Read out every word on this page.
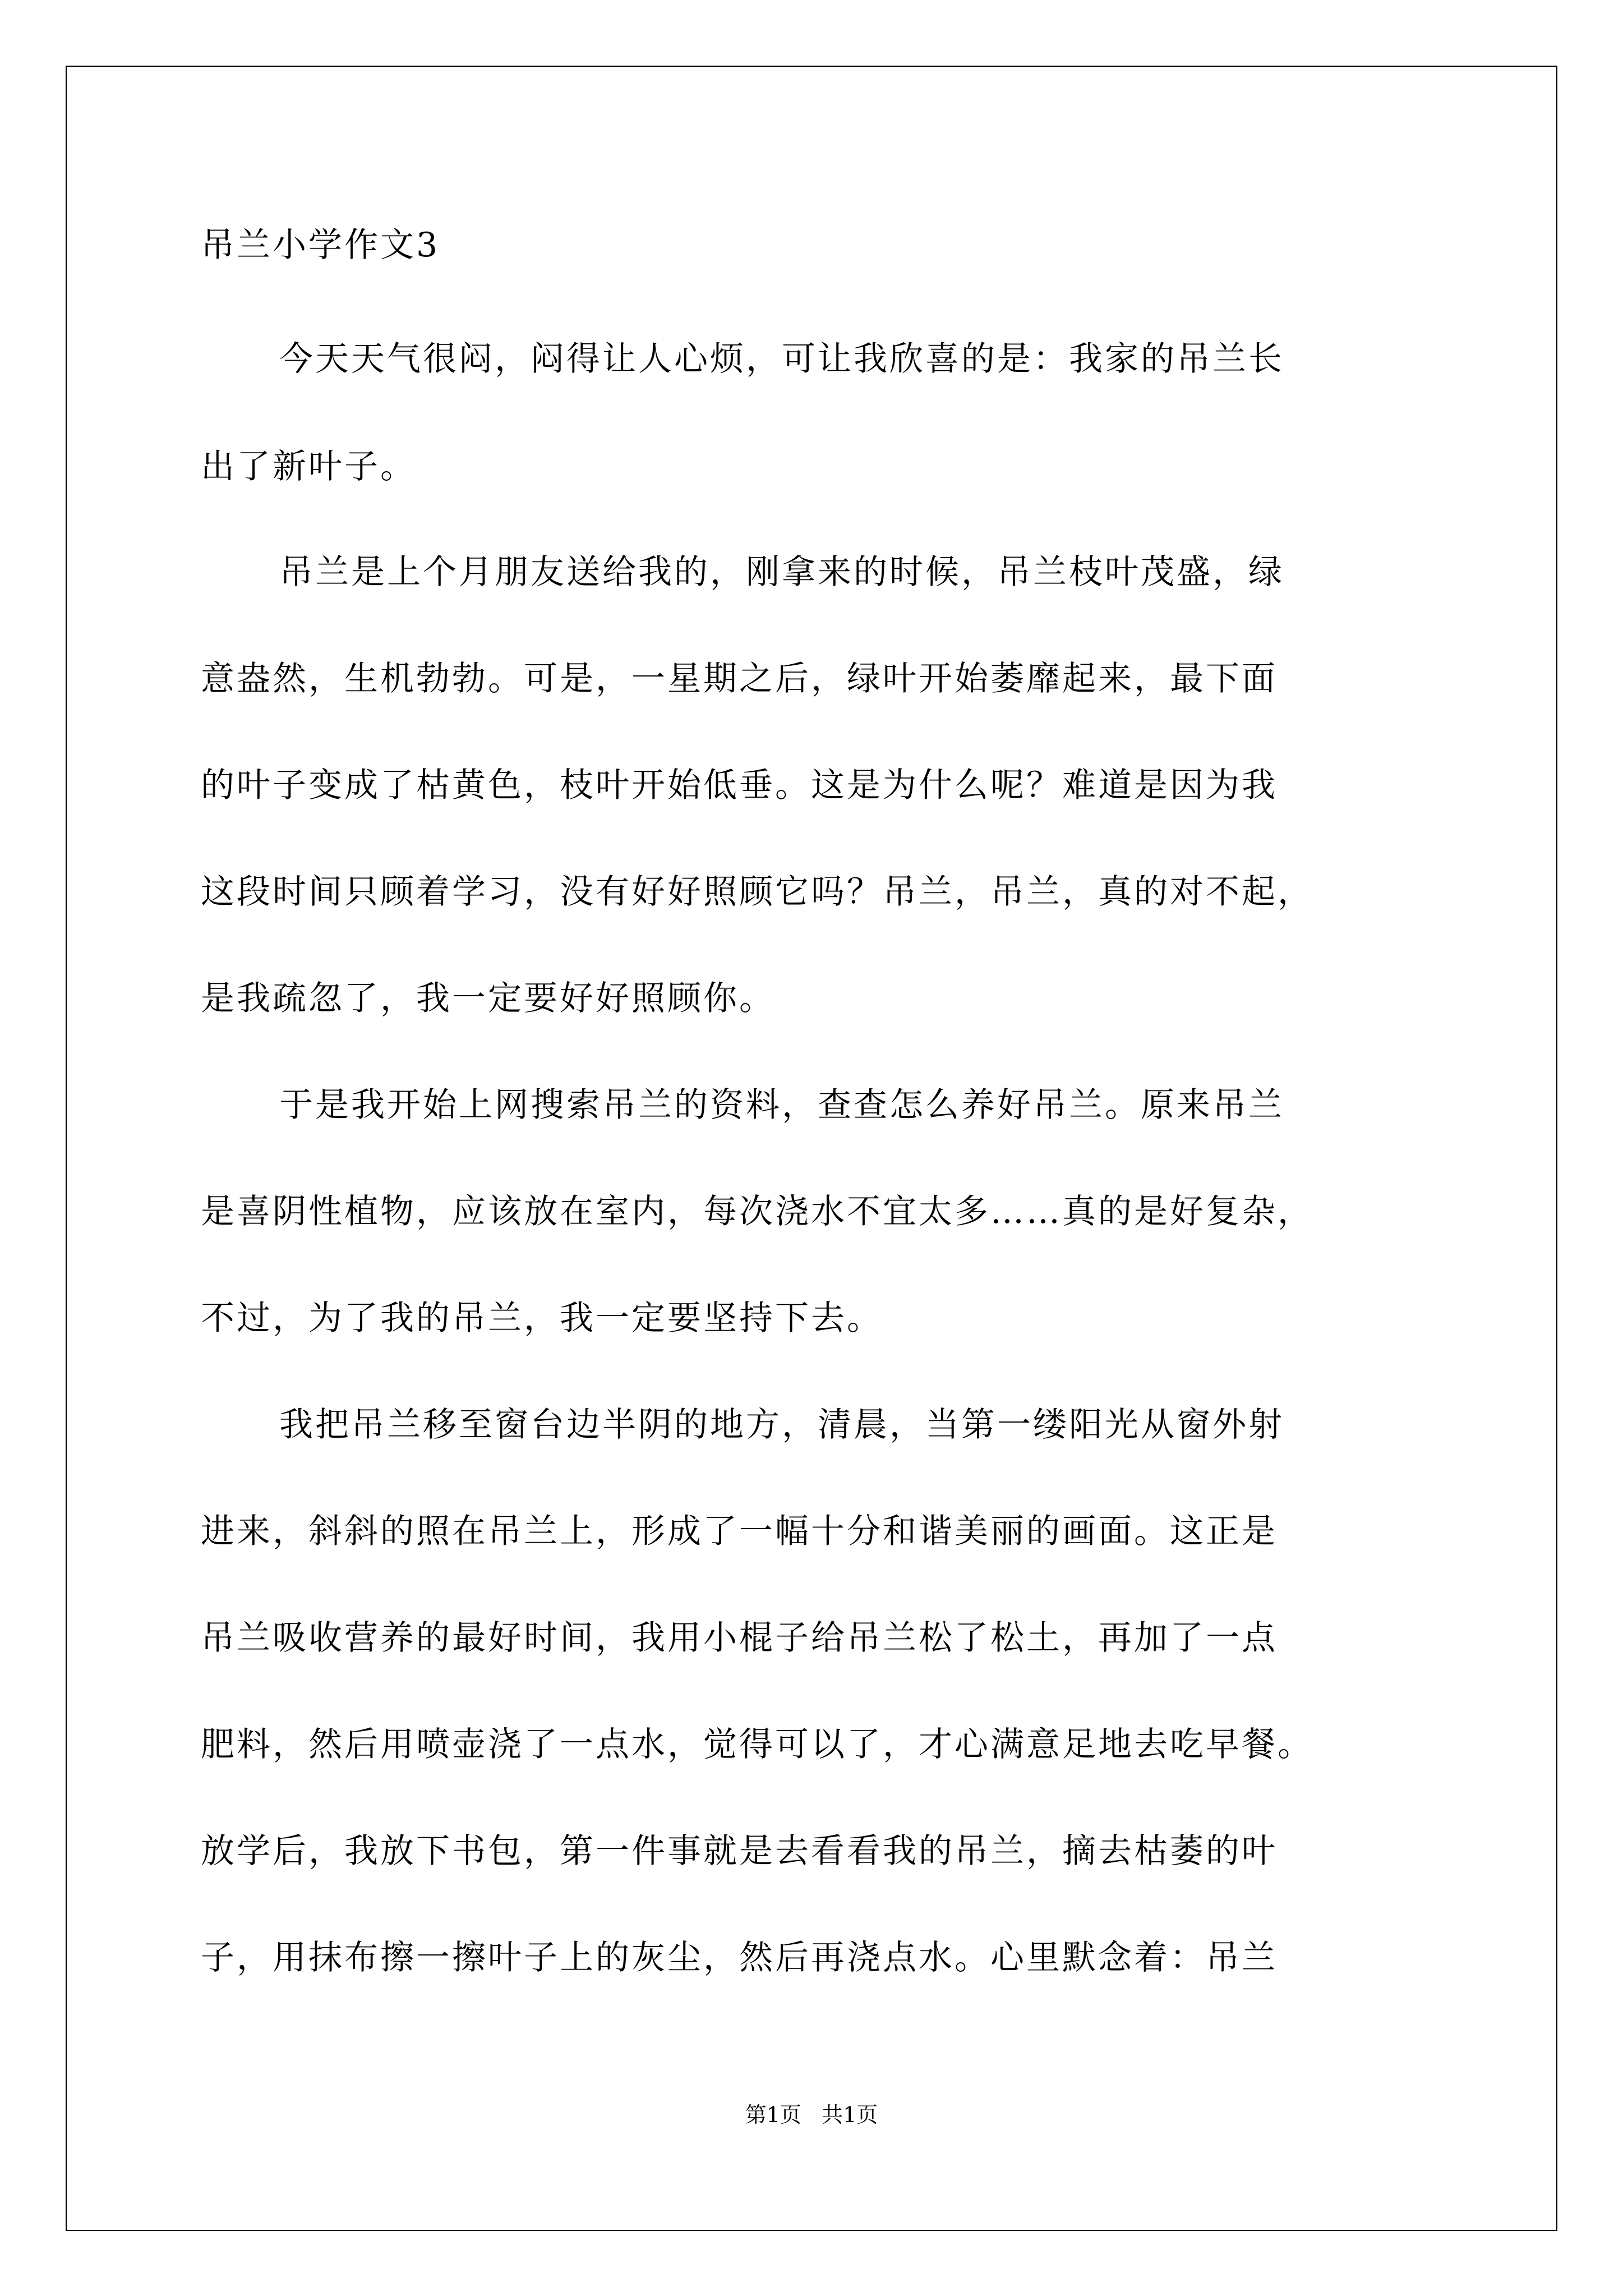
吊兰小学作文3
今天天气很闷，闷得让人心烦，可让我欣喜的是：我家的吊兰长
出了新叶子。
吊兰是上个月朋友送给我的，刚拿来的时候，吊兰枝叶茂盛，绿
意盎然，生机勃勃。可是，一星期之后，绿叶开始萎靡起来，最下面
的叶子变成了枯黄色，枝叶开始低垂。这是为什么呢？难道是因为我
这段时间只顾着学习，没有好好照顾它吗？吊兰，吊兰，真的对不起，
是我疏忽了，我一定要好好照顾你。
于是我开始上网搜索吊兰的资料，查查怎么养好吊兰。原来吊兰
是喜阴性植物，应该放在室内，每次浇水不宜太多……真的是好复杂，
不过，为了我的吊兰，我一定要坚持下去。
我把吊兰移至窗台边半阴的地方，清晨，当第一缕阳光从窗外射
进来，斜斜的照在吊兰上，形成了一幅十分和谐美丽的画面。这正是
吊兰吸收营养的最好时间，我用小棍子给吊兰松了松土，再加了一点
肥料，然后用喷壶浇了一点水，觉得可以了，才心满意足地去吃早餐。
放学后，我放下书包，第一件事就是去看看我的吊兰，摘去枯萎的叶
子，用抹布擦一擦叶子上的灰尘，然后再浇点水。心里默念着：吊兰
第1页   共1页
